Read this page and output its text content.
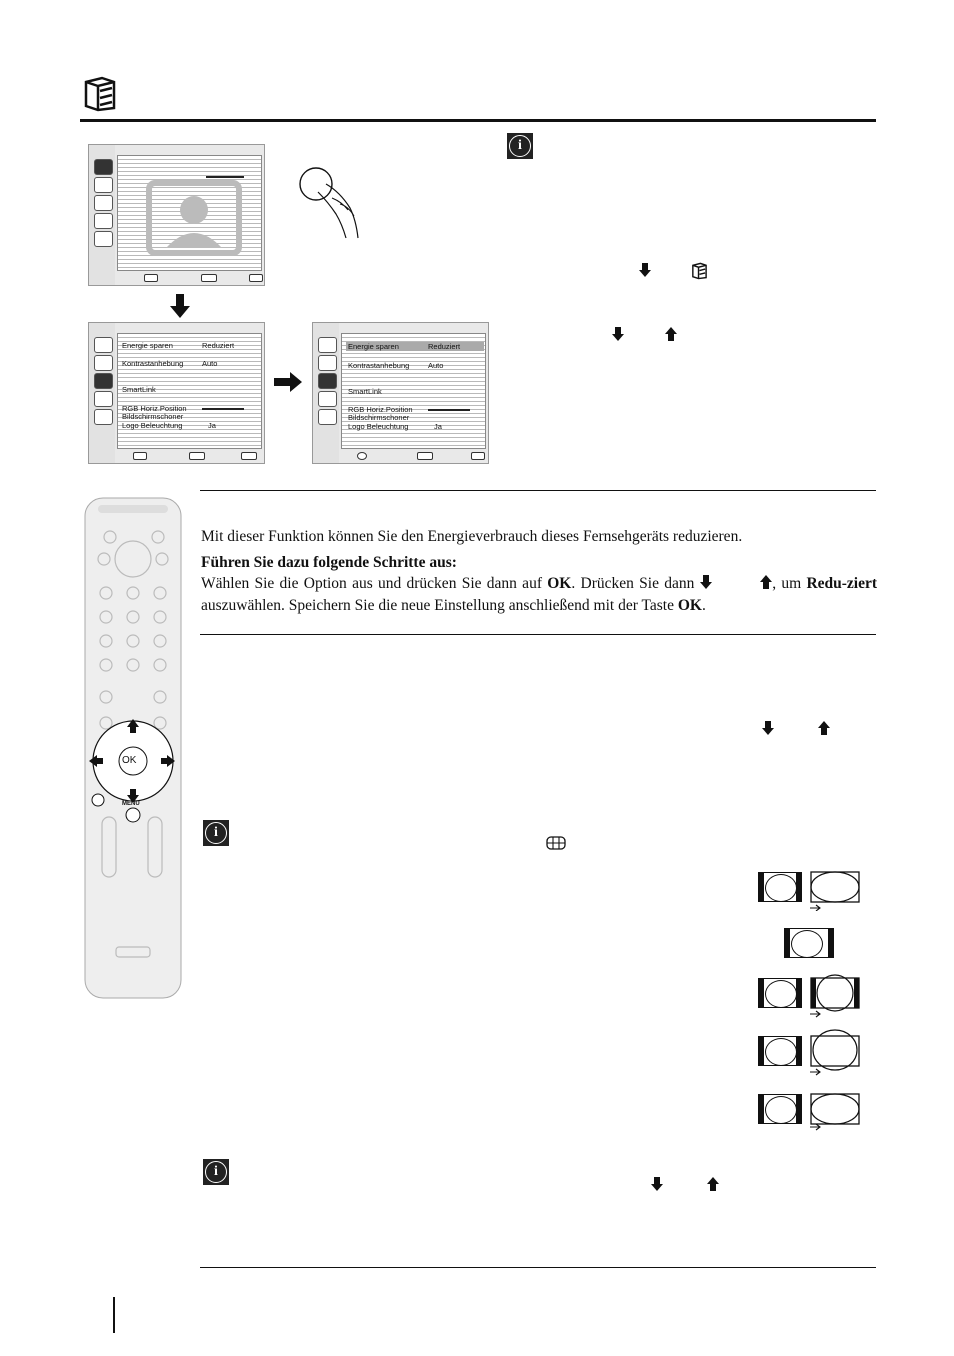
Energie sparen	Reduziert
Kontrastanhebung Auto
SmartLink
RGB Horiz.Position
Bildschirmschoner
Logo Beleuchtung	Ja
Energie sparen	Reduziert
Kontrastanhebung Auto
SmartLink
RGB Horiz.Position
Bildschirmschoner
Logo Beleuchtung	Ja
i
OK
MENU
Mit dieser Funktion können Sie den Energieverbrauch dieses Fernsehgeräts reduzieren.
Führen Sie dazu folgende Schritte aus:
Wählen Sie die Option aus und drücken Sie dann auf OK. Drücken Sie dann	, um Redu-ziert auszuwählen. Speichern Sie die neue Einstellung anschließend mit der Taste OK.
i
i
